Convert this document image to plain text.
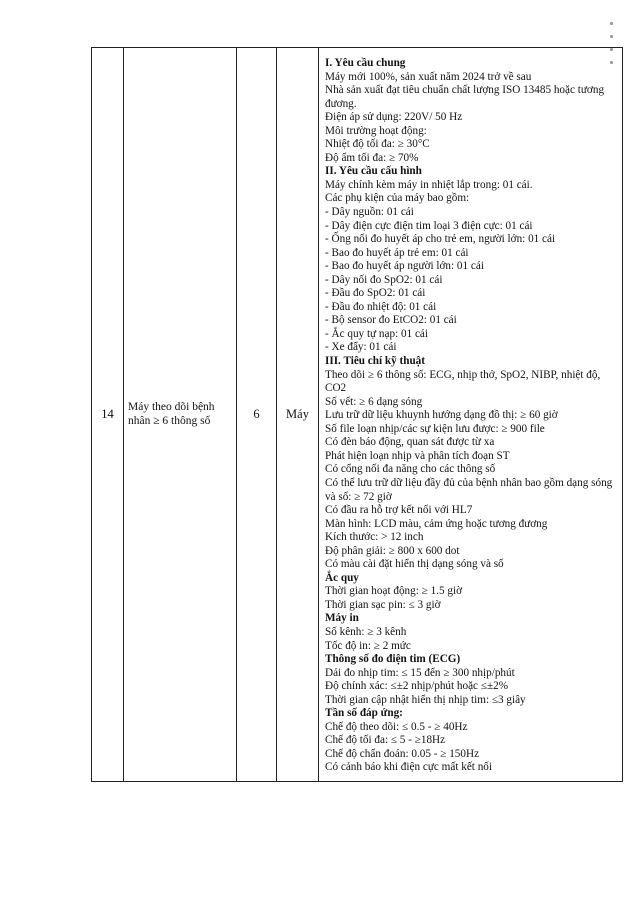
14	Máy theo dõi bệnh nhân ≥ 6 thông số	6	Máy	
I. Yêu cầu chung
Máy mới 100%, sản xuất năm 2024 trở về sau
Nhà sản xuất đạt tiêu chuẩn chất lượng ISO 13485 hoặc tương đương.
Điện áp sử dụng: 220V/ 50 Hz
Môi trường hoạt động:
Nhiệt độ tối đa: ≥ 30°C
Độ ẩm tối đa: ≥ 70%
II. Yêu cầu cấu hình
Máy chính kèm máy in nhiệt lắp trong: 01 cái.
Các phụ kiện của máy bao gồm:
- Dây nguồn: 01 cái
- Dây điện cực điện tim loại 3 điện cực: 01 cái
- Ống nối đo huyết áp cho trẻ em, người lớn: 01 cái
- Bao đo huyết áp trẻ em: 01 cái
- Bao đo huyết áp người lớn: 01 cái
- Dây nối đo SpO2: 01 cái
- Đầu đo SpO2: 01 cái
- Đầu đo nhiệt độ: 01 cái
- Bộ sensor đo EtCO2: 01 cái
- Ắc quy tự nạp: 01 cái
- Xe đẩy: 01 cái
III. Tiêu chí kỹ thuật
Theo dõi ≥ 6 thông số: ECG, nhịp thở, SpO2, NIBP, nhiệt độ, CO2
Số vết: ≥ 6 dạng sóng
Lưu trữ dữ liệu khuynh hướng dạng đồ thị: ≥ 60 giờ
Số file loạn nhịp/các sự kiện lưu được: ≥ 900 file
Có đèn báo động, quan sát được từ xa
Phát hiện loạn nhịp và phân tích đoạn ST
Có cổng nối đa năng cho các thông số
Có thể lưu trữ dữ liệu đầy đủ của bệnh nhân bao gồm dạng sóng và số: ≥ 72 giờ
Có đầu ra hỗ trợ kết nối với HL7
Màn hình: LCD màu, cảm ứng hoặc tương đương
Kích thước: > 12 inch
Độ phân giải: ≥ 800 x 600 dot
Có màu cài đặt hiển thị dạng sóng và số
Ắc quy
Thời gian hoạt động: ≥ 1.5 giờ
Thời gian sạc pin: ≤ 3 giờ
Máy in
Số kênh: ≥ 3 kênh
Tốc độ in: ≥ 2 mức
Thông số đo điện tim (ECG)
Dải đo nhịp tim: ≤ 15 đến ≥ 300 nhịp/phút
Độ chính xác: ≤±2 nhịp/phút hoặc ≤±2%
Thời gian cập nhật hiển thị nhịp tim: ≤3 giây
Tần số đáp ứng:
Chế độ theo dõi: ≤ 0.5 - ≥ 40Hz
Chế độ tối đa: ≤ 5 - ≥18Hz
Chế độ chẩn đoán: 0.05 - ≥ 150Hz
Có cảnh báo khi điện cực mất kết nối
